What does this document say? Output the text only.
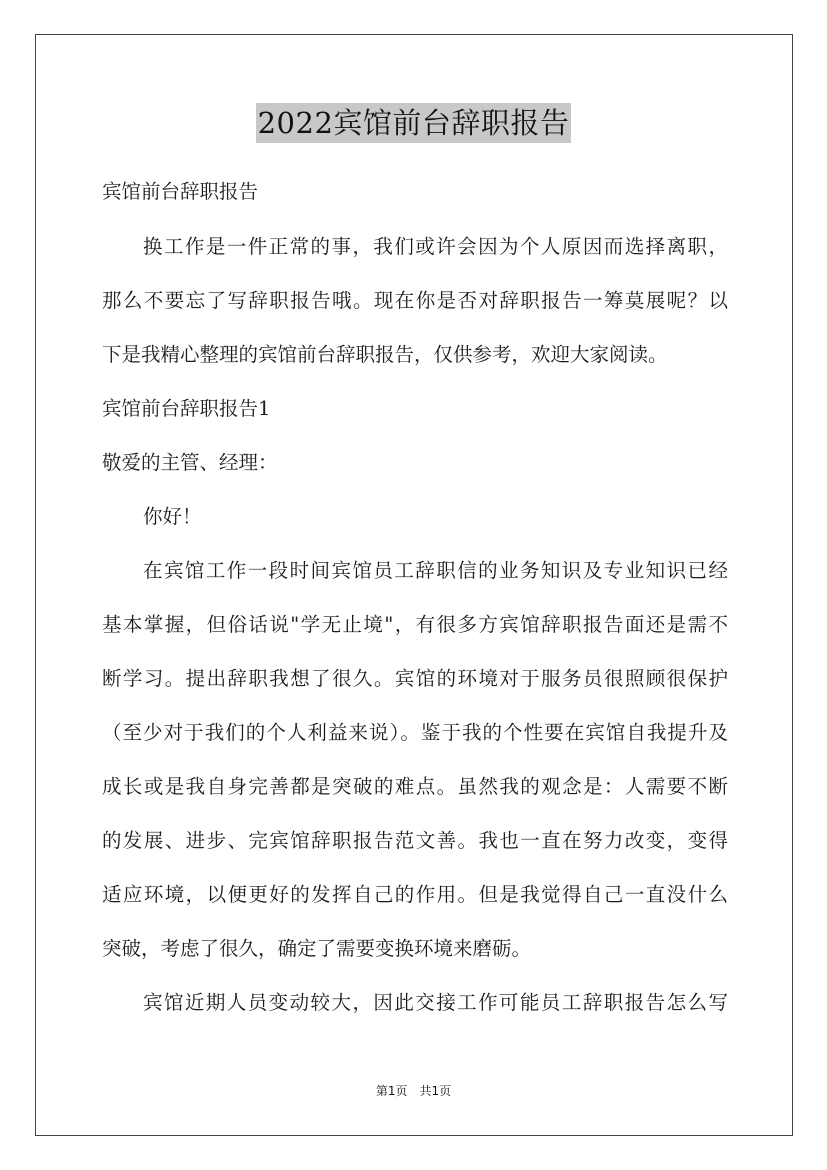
2022宾馆前台辞职报告
宾馆前台辞职报告
换工作是一件正常的事，我们或许会因为个人原因而选择离职，
那么不要忘了写辞职报告哦。现在你是否对辞职报告一筹莫展呢？以
下是我精心整理的宾馆前台辞职报告，仅供参考，欢迎大家阅读。
宾馆前台辞职报告1
敬爱的主管、经理：
你好！
在宾馆工作一段时间宾馆员工辞职信的业务知识及专业知识已经
基本掌握，但俗话说"学无止境"，有很多方宾馆辞职报告面还是需不
断学习。提出辞职我想了很久。宾馆的环境对于服务员很照顾很保护
（至少对于我们的个人利益来说）。鉴于我的个性要在宾馆自我提升及
成长或是我自身完善都是突破的难点。虽然我的观念是：人需要不断
的发展、进步、完宾馆辞职报告范文善。我也一直在努力改变，变得
适应环境，以便更好的发挥自己的作用。但是我觉得自己一直没什么
突破，考虑了很久，确定了需要变换环境来磨砺。
宾馆近期人员变动较大，因此交接工作可能员工辞职报告怎么写
第1页　共1页
